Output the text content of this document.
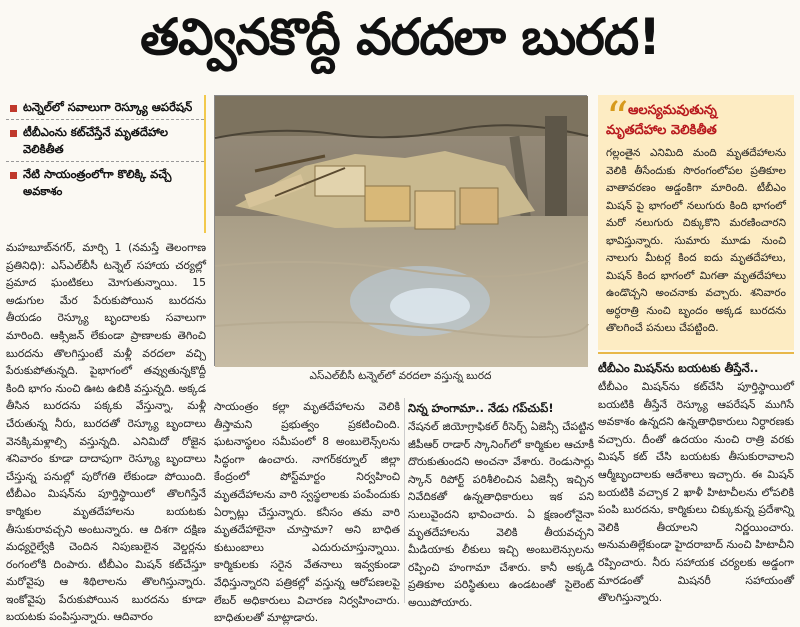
తవ్వినకొద్దీ వరదలా బురద!
టన్నెల్‌లో సవాలుగా రెస్క్యూ ఆపరేషన్
టీబీఎంను కట్‌చేస్తేనే మృతదేహాల వెలికితీత
నేటి సాయంత్రంలోగా కొలిక్కి వచ్చే అవకాశం
ఎస్‌ఎల్‌బీసీ టన్నెల్‌లో వరదలా వస్తున్న బురద
“ ఆలస్యమవుతున్న
మృతదేహాల వెలికితీత
గల్లంతైన ఎనిమిది మంది మృతదేహాలను వెలికి తీసేందుకు సొరంగంలోపల ప్రతికూల వాతావరణం అడ్డంకిగా మారింది. టీబీఎం మిషన్ పై భాగంలో నలుగురు కింది భాగంలో మరో నలుగురు చిక్కుకొని మరణించారని భావిస్తున్నారు. సుమారు మూడు నుంచి నాలుగు మీటర్ల కింద ఐదు మృతదేహాలు, మిషన్ కింద భాగంలో మిగతా మృతదేహాలు ఉండొచ్చని అంచనాకు వచ్చారు. శనివారం అర్ధరాత్రి నుంచి బృందం అక్కడ బురదను తొలగించే పనులు చేపట్టింది.

మహబూబ్‌నగర్, మార్చి 1 (నమస్తే తెలంగాణ ప్రతినిధి): ఎస్‌ఎల్‌బీసీ టన్నెల్ సహాయ చర్యల్లో ప్రమాద ఘంటికలు మోగుతున్నాయి. 15 అడుగుల మేర పేరుకుపోయిన బురదను తీయడం రెస్క్యూ బృందాలకు సవాలుగా మారింది. ఆక్సిజన్ లేకుండా ప్రాణాలకు తెగించి బురదను తొలగిస్తుంటే మళ్లీ వరదలా వచ్చి పేరుకుపోతున్నది. పైభాగంలో తవ్వుతున్నకొద్దీ కింది భాగం నుంచి ఊట ఉబికి వస్తున్నది. అక్కడ తీసిన బురదను పక్కకు వేస్తున్నా, మళ్లీ చేరుతున్న నీరు, బురదతో రెస్క్యూ బృందాలు వెనక్కిమళ్లాల్సి వస్తున్నది. ఎనిమిదో రోజైన శనివారం కూడా దాదాపుగా రెస్క్యూ బృందాలు చేస్తున్న పనుల్లో పురోగతి లేకుండా పోయింది. టీబీఎం మిషన్‌ను పూర్తిస్థాయిలో తొలగిస్తేనే కార్మికుల మృతదేహాలను బయటకు తీసుకురావచ్చని అంటున్నారు. ఆ దిశగా దక్షిణ మధ్యరైల్వేకి చెందిన నిపుణులైన వెల్డర్లను రంగంలోకి దింపారు. టీబీఎం మిషన్ కట్‌చేస్తూ మరోవైపు ఆ శిథిలాలను తొలగిస్తున్నారు. ఇంకోవైపు పేరుకుపోయిన బురదను కూడా బయటకు పంపిస్తున్నారు. ఆదివారం

సాయంత్రం కల్లా మృతదేహాలను వెలికి తీస్తామని ప్రభుత్వం ప్రకటించింది. ఘటనాస్థలం సమీపంలో 8 అంబులెన్స్‌లను సిద్ధంగా ఉంచారు. నాగర్‌కర్నూల్ జిల్లా కేంద్రంలో పోస్ట్‌మార్టం నిర్వహించి మృతదేహాలను వారి స్వస్థలాలకు పంపేందుకు ఏర్పాట్లు చేస్తున్నారు. కనీసం తమ వారి మృతదేహాలైనా చూస్తామా? అని బాధిత కుటుంబాలు ఎదురుచూస్తున్నాయి. కార్మికులకు సరైన వేతనాలు ఇవ్వకుండా వేధిస్తున్నారని పత్రికల్లో వస్తున్న ఆరోపణలపై లేబర్ అధికారులు విచారణ నిర్వహించారు. బాధితులతో మాట్లాడారు.

నిన్న హంగామా.. నేడు గప్‌చుప్!

నేషనల్ జియోగ్రాఫికల్ రీసెర్చ్ ఏజెన్సీ చేపట్టిన జీపీఆర్ రాడార్ స్కానింగ్‌లో కార్మికుల ఆచూకీ దొరుకుతుందని అంచనా వేశారు. రెండుసార్లు స్కాన్ రిపోర్ట్ పరిశీలించిన ఏజెన్సీ ఇచ్చిన నివేదికతో ఉన్నతాధికారులు ఇక పని సులువైందని భావించారు. ఏ క్షణంలోనైనా మృతదేహాలను వెలికి తీయవచ్చని మీడియాకు లీకులు ఇచ్చి అంబులెన్సులను రప్పించి హంగామా చేశారు. కానీ అక్కడి ప్రతికూల పరిస్థితులు ఉండటంతో సైలెంట్ అయిపోయారు.

టీబీఎం మిషన్‌ను బయటకు తీస్తేనే..

టీబీఎం మిషన్‌ను కట్‌చేసి పూర్తిస్థాయిలో బయటికి తీస్తేనే రెస్క్యూ ఆపరేషన్ ముగిసే అవకాశం ఉన్నదని ఉన్నతాధికారులు నిర్ధారణకు వచ్చారు. దీంతో ఉదయం నుంచి రాత్రి వరకు మిషన్ కట్ చేసి బయటకు తీసుకురావాలని ఆర్మీబృందాలకు ఆదేశాలు ఇచ్చారు. ఈ మిషన్ బయటికి వచ్చాక 2 ఖాళీ హిటాచీలను లోపలికి పంపి బురదను, కార్మికులు చిక్కుకున్న ప్రదేశాన్ని వెలికి తీయాలని నిర్ణయించారు. అనుమతిల్లేకుండా హైదరాబాద్ నుంచి హిటాచీని రప్పించారు. నీరు సహాయక చర్యలకు అడ్డంగా మారడంతో మిషనరీ సహాయంతో తొలగిస్తున్నారు.
